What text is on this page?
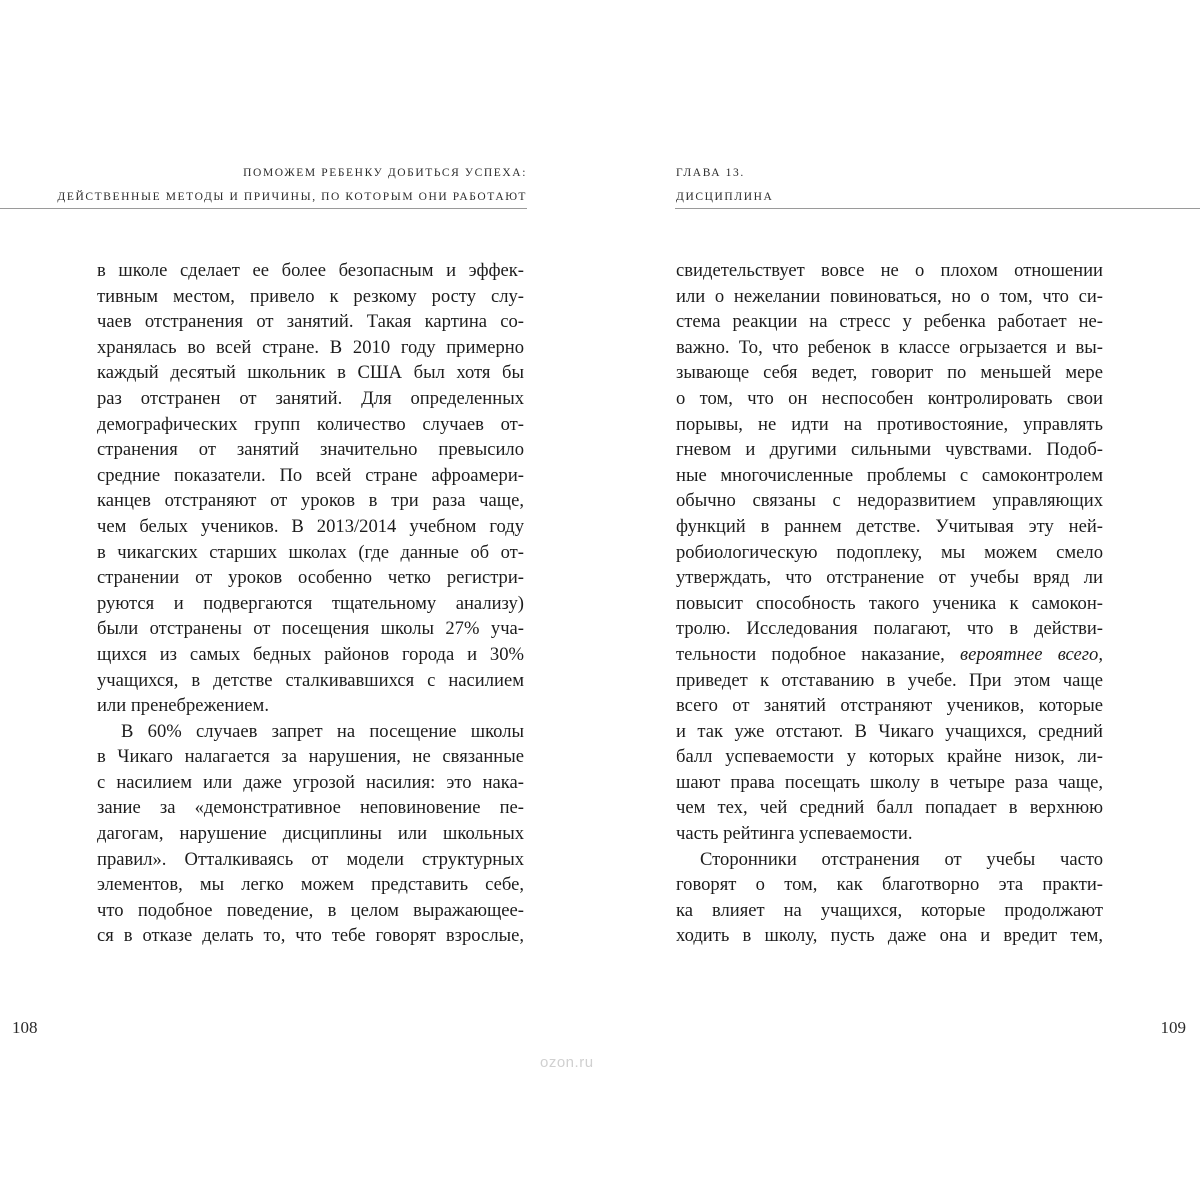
ПОМОЖЕМ РЕБЕНКУ ДОБИТЬСЯ УСПЕХА:
ДЕЙСТВЕННЫЕ МЕТОДЫ И ПРИЧИНЫ, ПО КОТОРЫМ ОНИ РАБОТАЮТ
ГЛАВА 13.
ДИСЦИПЛИНА
в школе сделает ее более безопасным и эффек-
тивным местом, привело к резкому росту слу-
чаев отстранения от занятий. Такая картина со-
хранялась во всей стране. В 2010 году примерно
каждый десятый школьник в США был хотя бы
раз отстранен от занятий. Для определенных
демографических групп количество случаев от-
странения от занятий значительно превысило
средние показатели. По всей стране афроамери-
канцев отстраняют от уроков в три раза чаще,
чем белых учеников. В 2013/2014 учебном году
в чикагских старших школах (где данные об от-
странении от уроков особенно четко регистри-
руются и подвергаются тщательному анализу)
были отстранены от посещения школы 27% уча-
щихся из самых бедных районов города и 30%
учащихся, в детстве сталкивавшихся с насилием
или пренебрежением.
В 60% случаев запрет на посещение школы
в Чикаго налагается за нарушения, не связанные
с насилием или даже угрозой насилия: это нака-
зание за «демонстративное неповиновение пе-
дагогам, нарушение дисциплины или школьных
правил». Отталкиваясь от модели структурных
элементов, мы легко можем представить себе,
что подобное поведение, в целом выражающее-
ся в отказе делать то, что тебе говорят взрослые,
свидетельствует вовсе не о плохом отношении
или о нежелании повиноваться, но о том, что си-
стема реакции на стресс у ребенка работает не-
важно. То, что ребенок в классе огрызается и вы-
зывающе себя ведет, говорит по меньшей мере
о том, что он неспособен контролировать свои
порывы, не идти на противостояние, управлять
гневом и другими сильными чувствами. Подоб-
ные многочисленные проблемы с самоконтролем
обычно связаны с недоразвитием управляющих
функций в раннем детстве. Учитывая эту ней-
робиологическую подоплеку, мы можем смело
утверждать, что отстранение от учебы вряд ли
повысит способность такого ученика к самокон-
тролю. Исследования полагают, что в действи-
тельности подобное наказание, вероятнее всего,
приведет к отставанию в учебе. При этом чаще
всего от занятий отстраняют учеников, которые
и так уже отстают. В Чикаго учащихся, средний
балл успеваемости у которых крайне низок, ли-
шают права посещать школу в четыре раза чаще,
чем тех, чей средний балл попадает в верхнюю
часть рейтинга успеваемости.
Сторонники отстранения от учебы часто
говорят о том, как благотворно эта практи-
ка влияет на учащихся, которые продолжают
ходить в школу, пусть даже она и вредит тем,
108	109
ozon.ru
